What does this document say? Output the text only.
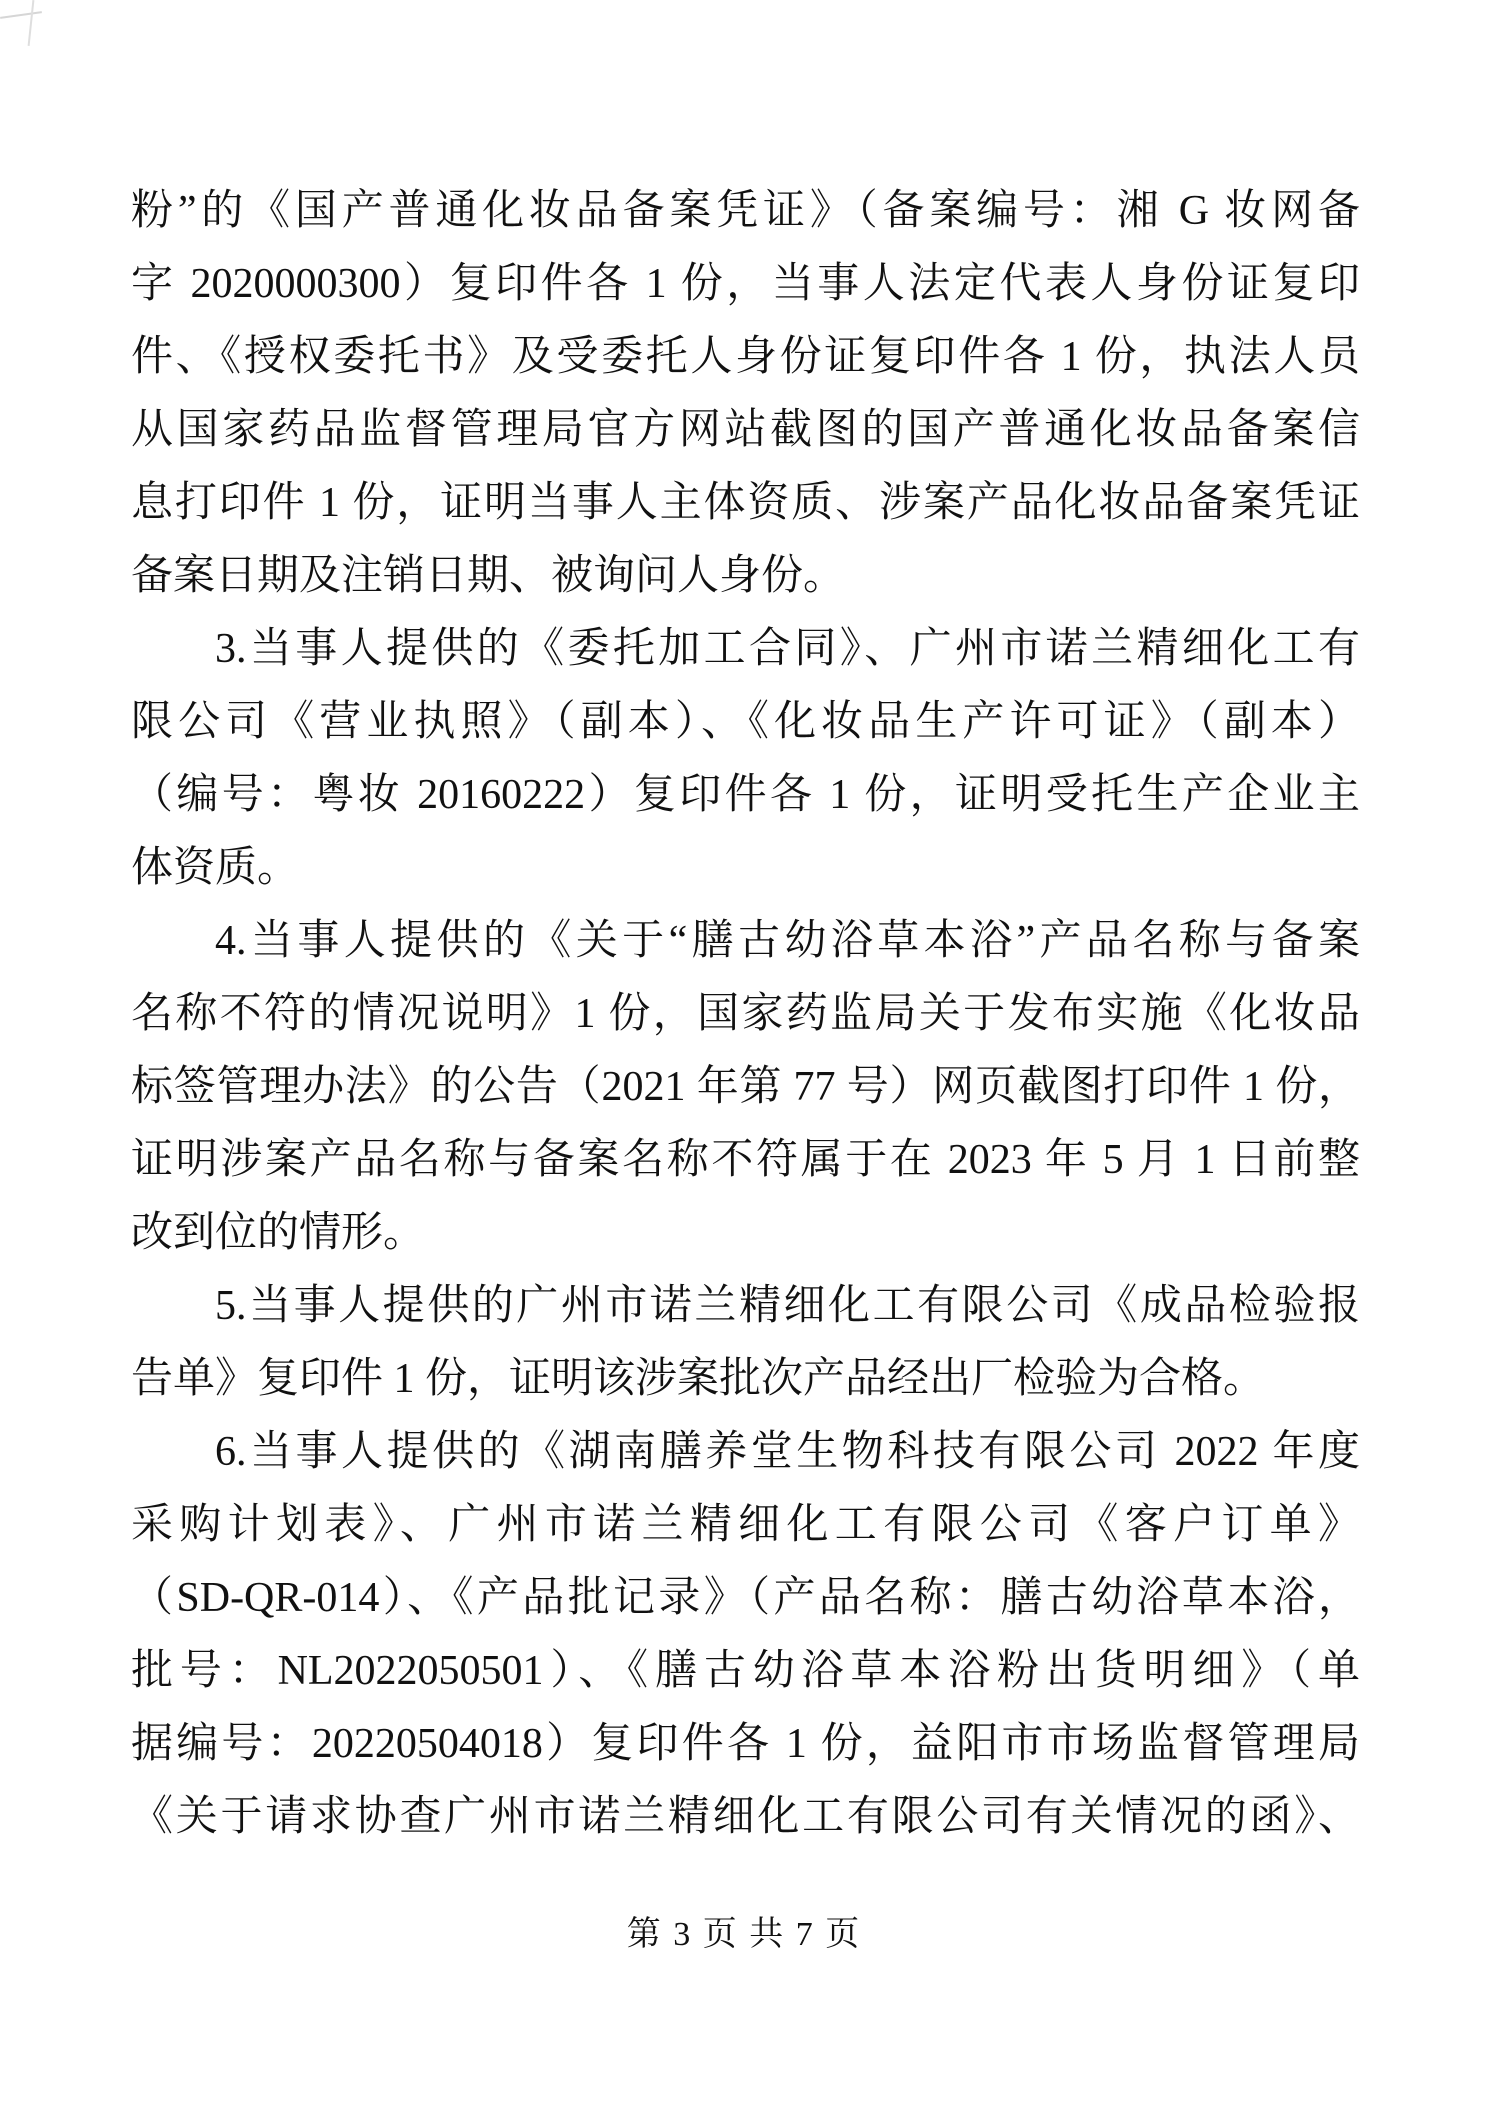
粉”的《国产普通化妆品备案凭证》（备案编号：湘 G 妆网备
字 2020000300）复印件各 1 份，当事人法定代表人身份证复印
件、《授权委托书》及受委托人身份证复印件各 1 份，执法人员
从国家药品监督管理局官方网站截图的国产普通化妆品备案信
息打印件 1 份，证明当事人主体资质、涉案产品化妆品备案凭证
备案日期及注销日期、被询问人身份。
3.当事人提供的《委托加工合同》、广州市诺兰精细化工有
限公司《营业执照》（副本）、《化妆品生产许可证》（副本）
（编号：粤妆 20160222）复印件各 1 份，证明受托生产企业主
体资质。
4.当事人提供的《关于“膳古幼浴草本浴”产品名称与备案
名称不符的情况说明》1 份，国家药监局关于发布实施《化妆品
标签管理办法》的公告（2021 年第 77 号）网页截图打印件 1 份，
证明涉案产品名称与备案名称不符属于在 2023 年 5 月 1 日前整
改到位的情形。
5.当事人提供的广州市诺兰精细化工有限公司《成品检验报
告单》复印件 1 份，证明该涉案批次产品经出厂检验为合格。
6.当事人提供的《湖南膳养堂生物科技有限公司 2022 年度
采购计划表》、广州市诺兰精细化工有限公司《客户订单》
（SD-QR-014）、《产品批记录》（产品名称：膳古幼浴草本浴，
批号：NL2022050501）、《膳古幼浴草本浴粉出货明细》（单
据编号：20220504018）复印件各 1 份，益阳市市场监督管理局
《关于请求协查广州市诺兰精细化工有限公司有关情况的函》、
第 3 页 共 7 页
